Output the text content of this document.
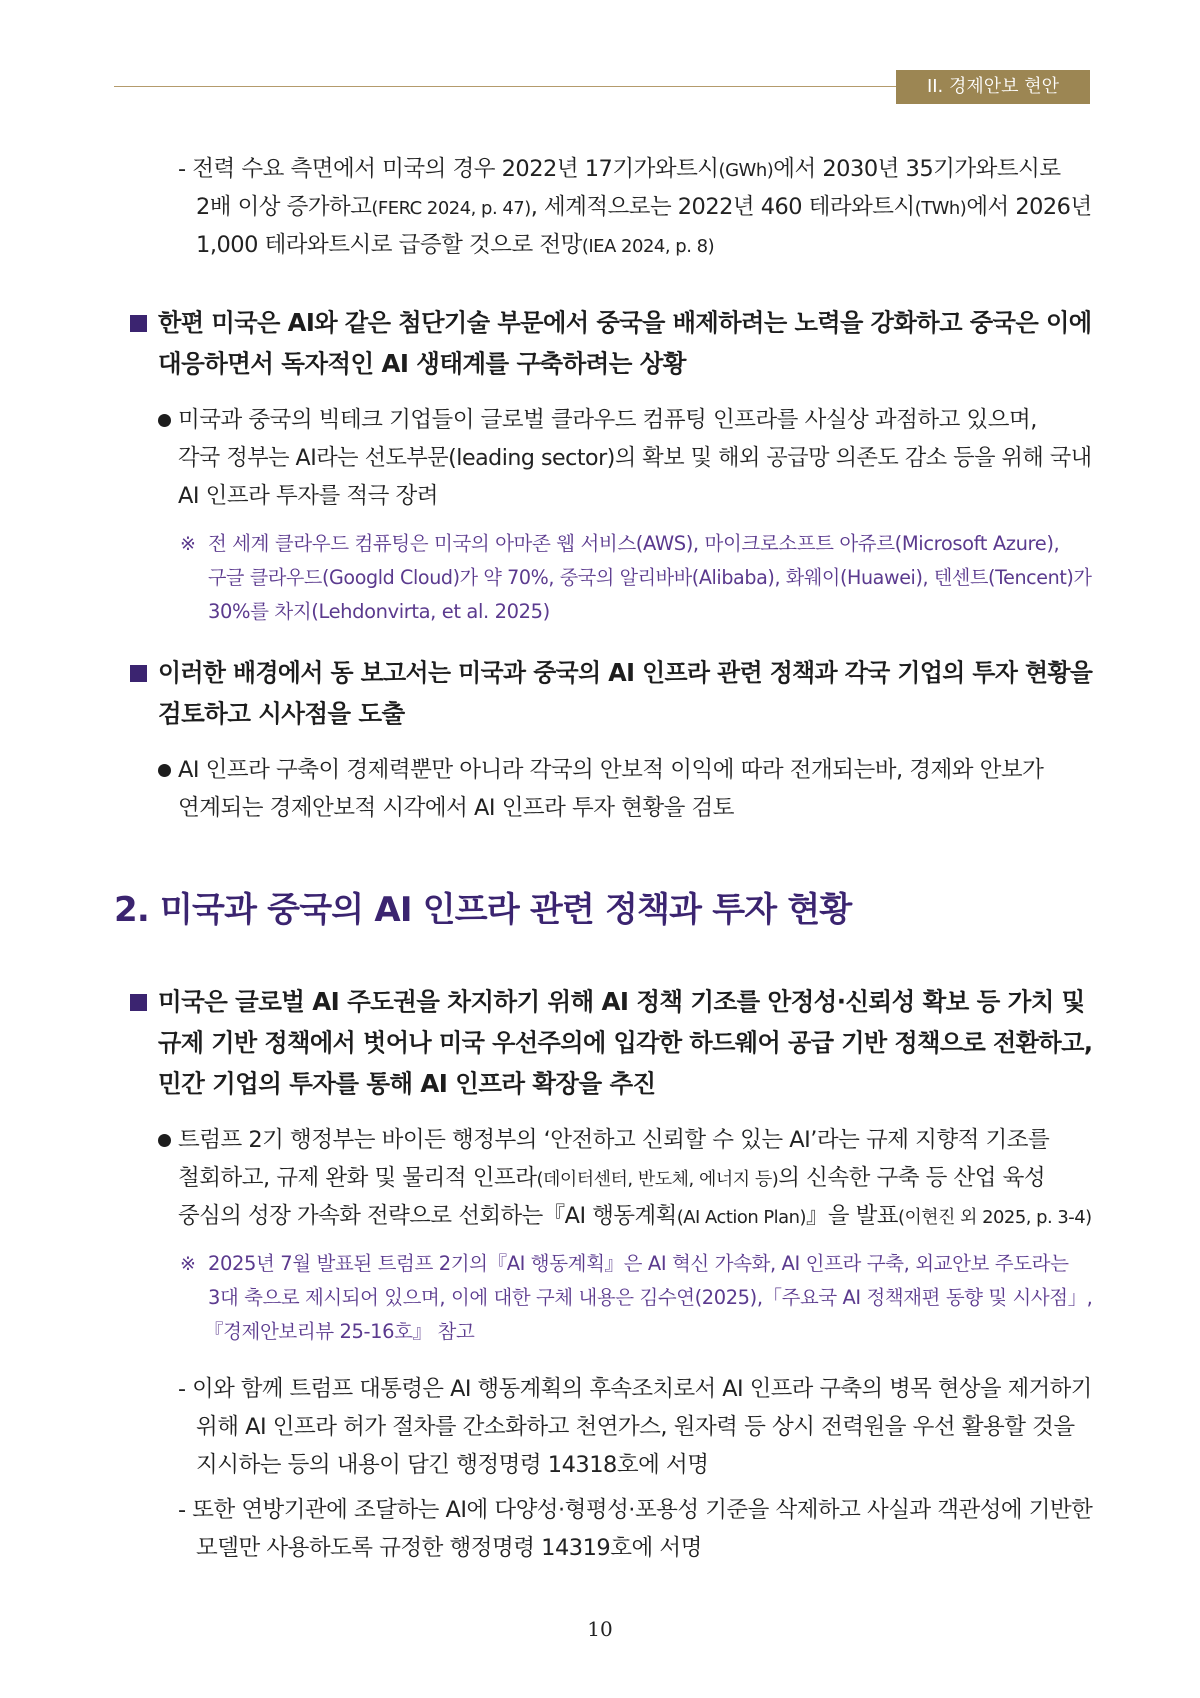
II. 경제안보 현안
- 전력 수요 측면에서 미국의 경우 2022년 17기가와트시(GWh)에서 2030년 35기가와트시로
2배 이상 증가하고(FERC 2024, p. 47), 세계적으로는 2022년 460 테라와트시(TWh)에서 2026년
1,000 테라와트시로 급증할 것으로 전망(IEA 2024, p. 8)
한편 미국은 AI와 같은 첨단기술 부문에서 중국을 배제하려는 노력을 강화하고 중국은 이에
대응하면서 독자적인 AI 생태계를 구축하려는 상황
미국과 중국의 빅테크 기업들이 글로벌 클라우드 컴퓨팅 인프라를 사실상 과점하고 있으며,
각국 정부는 AI라는 선도부문(leading sector)의 확보 및 해외 공급망 의존도 감소 등을 위해 국내
AI 인프라 투자를 적극 장려
※ 전 세계 클라우드 컴퓨팅은 미국의 아마존 웹 서비스(AWS), 마이크로소프트 아쥬르(Microsoft Azure),
구글 클라우드(Googld Cloud)가 약 70%, 중국의 알리바바(Alibaba), 화웨이(Huawei), 텐센트(Tencent)가
30%를 차지(Lehdonvirta, et al. 2025)
이러한 배경에서 동 보고서는 미국과 중국의 AI 인프라 관련 정책과 각국 기업의 투자 현황을
검토하고 시사점을 도출
AI 인프라 구축이 경제력뿐만 아니라 각국의 안보적 이익에 따라 전개되는바, 경제와 안보가
연계되는 경제안보적 시각에서 AI 인프라 투자 현황을 검토
2. 미국과 중국의 AI 인프라 관련 정책과 투자 현황
미국은 글로벌 AI 주도권을 차지하기 위해 AI 정책 기조를 안정성·신뢰성 확보 등 가치 및
규제 기반 정책에서 벗어나 미국 우선주의에 입각한 하드웨어 공급 기반 정책으로 전환하고,
민간 기업의 투자를 통해 AI 인프라 확장을 추진
트럼프 2기 행정부는 바이든 행정부의 ‘안전하고 신뢰할 수 있는 AI’라는 규제 지향적 기조를
철회하고, 규제 완화 및 물리적 인프라(데이터센터, 반도체, 에너지 등)의 신속한 구축 등 산업 육성
중심의 성장 가속화 전략으로 선회하는『AI 행동계획(AI Action Plan)』을 발표(이현진 외 2025, p. 3-4)
※ 2025년 7월 발표된 트럼프 2기의『AI 행동계획』은 AI 혁신 가속화, AI 인프라 구축, 외교안보 주도라는
3대 축으로 제시되어 있으며, 이에 대한 구체 내용은 김수연(2025),「주요국 AI 정책재편 동향 및 시사점」,
『경제안보리뷰 25-16호』 참고
- 이와 함께 트럼프 대통령은 AI 행동계획의 후속조치로서 AI 인프라 구축의 병목 현상을 제거하기
위해 AI 인프라 허가 절차를 간소화하고 천연가스, 원자력 등 상시 전력원을 우선 활용할 것을
지시하는 등의 내용이 담긴 행정명령 14318호에 서명
- 또한 연방기관에 조달하는 AI에 다양성·형평성·포용성 기준을 삭제하고 사실과 객관성에 기반한
모델만 사용하도록 규정한 행정명령 14319호에 서명
10
